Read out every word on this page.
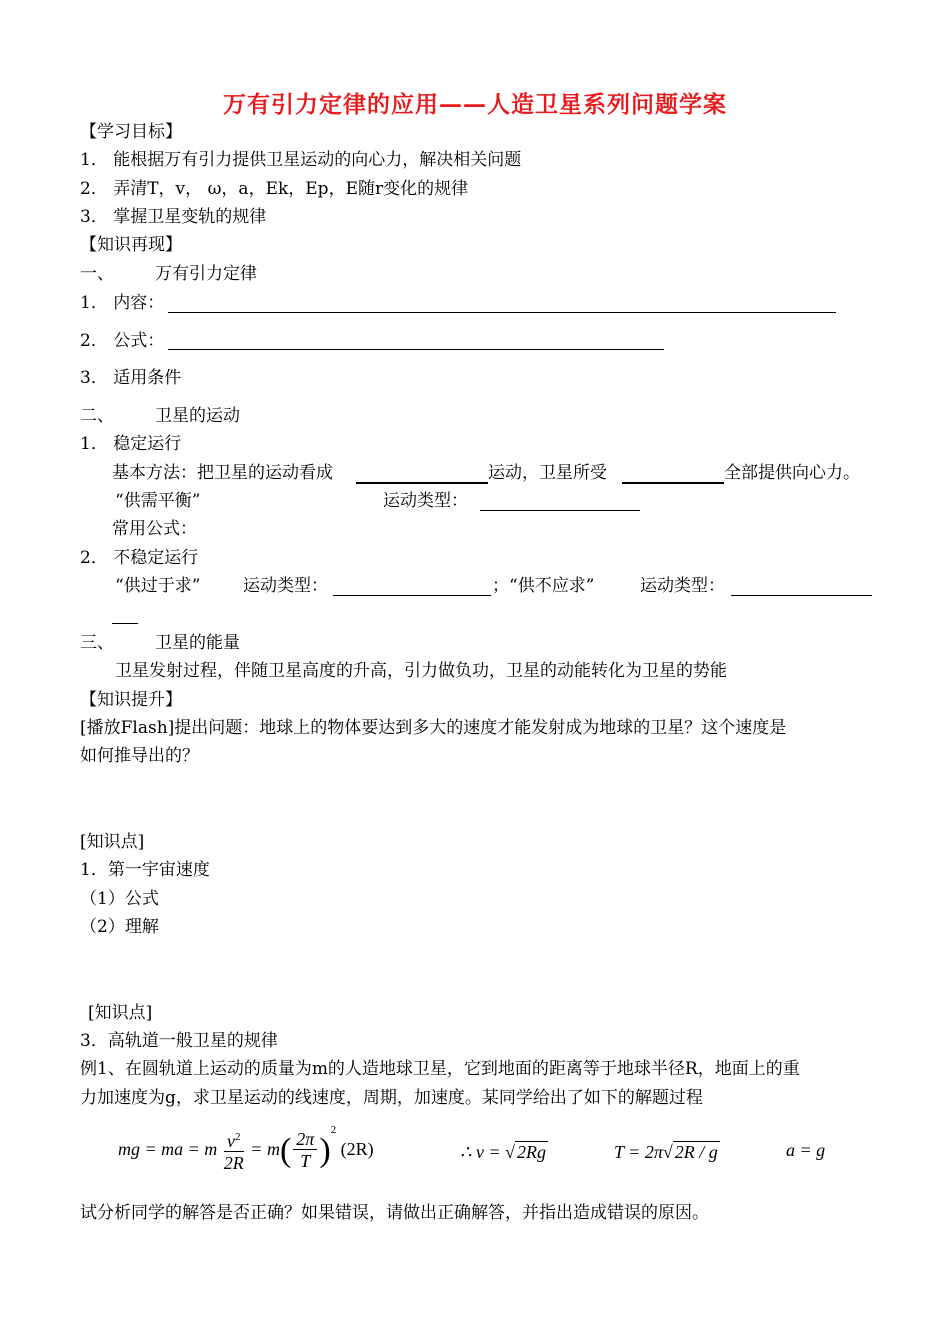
万有引力定律的应用——人造卫星系列问题学案
【学习目标】
1． 能根据万有引力提供卫星运动的向心力，解决相关问题
2． 弄清T，v， ω，a，Ek，Ep，E随r变化的规律
3． 掌握卫星变轨的规律
【知识再现】
一、 万有引力定律
1． 内容：
2． 公式：
3． 适用条件
二、 卫星的运动
1． 稳定运行
基本方法：把卫星的运动看成	运动，卫星所受	全部提供向心力。
“供需平衡”	运动类型：
常用公式：
2． 不稳定运行
“供过于求”	运动类型：	；“供不应求”	运动类型：
三、 卫星的能量
卫星发射过程，伴随卫星高度的升高，引力做负功，卫星的动能转化为卫星的势能
【知识提升】
[播放Flash]提出问题：地球上的物体要达到多大的速度才能发射成为地球的卫星？这个速度是
如何推导出的？
[知识点]
1．第一宇宙速度
（1）公式
（2）理解
[知识点]
3．高轨道一般卫星的规律
例1、在圆轨道上运动的质量为m的人造地球卫星，它到地面的距离等于地球半径R，地面上的重
力加速度为g，求卫星运动的线速度，周期，加速度。某同学给出了如下的解题过程
mg = ma = m $\frac{v^2}{2R} = m( \frac{2\pi}{T} )^2$ (2R)	∴ v = √ 2Rg	T = 2π√ 2R / g	a = g
试分析同学的解答是否正确？如果错误，请做出正确解答，并指出造成错误的原因。
